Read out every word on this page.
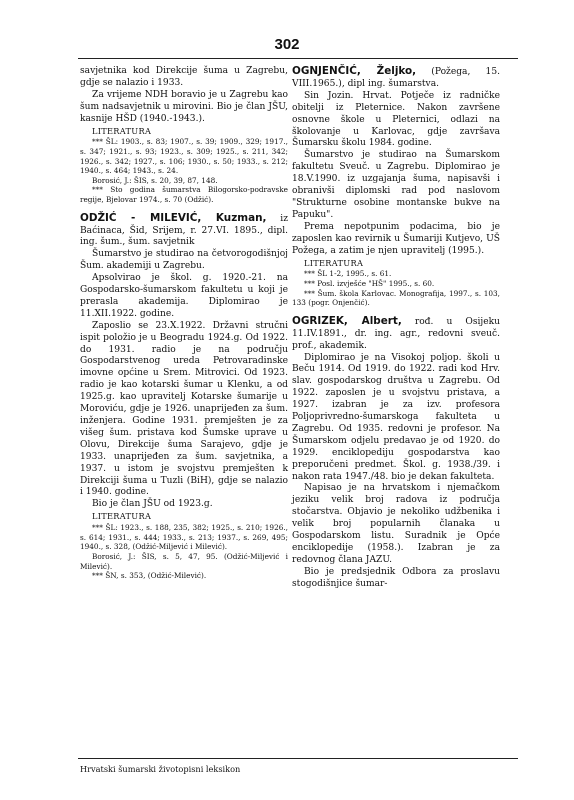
302

savjetnika kod Direkcije šuma u Zagrebu, gdje se nalazio i 1933.

Za vrijeme NDH boravio je u Zagrebu kao šum nadsavjetnik u mirovini. Bio je član JŠU, kasnije HŠD (1940.-1943.).

LITERATURA

*** ŠL: 1903., s. 83; 1907., s. 39; 1909., 329; 1917., s. 347; 1921., s. 93; 1923., s. 309; 1925., s. 211, 342; 1926., s. 342; 1927., s. 106; 1930., s. 50; 1933., s. 212; 1940., s. 464; 1943., s. 24.

Borosić, J.: ŠIS, s. 20, 39, 87, 148.

*** Sto godina šumarstva Bilogorsko-podravske regije, Bjelovar 1974., s. 70 (Odžić).

ODŽIĆ - MILEVIĆ, Kuzman, iz Baćinaca, Šid, Srijem, r. 27.VI. 1895., dipl. ing. šum., šum. savjetnik

Šumarstvo je studirao na četvorogodišnjoj Šum. akademiji u Zagrebu.

Apsolvirao je škol. g. 1920.-21. na Gospodarsko-šumarskom fakultetu u koji je prerasla akademija. Diplomirao je 11.XII.1922. godine.

Zaposlio se 23.X.1922. Državni stručni ispit položio je u Beogradu 1924.g. Od 1922. do 1931. radio je na području Gospodarstvenog ureda Petrovaradinske imovne općine u Srem. Mitrovici. Od 1923. radio je kao kotarski šumar u Klenku, a od 1925.g. kao upravitelj Kotarske šumarije u Moroviću, gdje je 1926. unaprijeđen za šum. inženjera. Godine 1931. premješten je za višeg šum. pristava kod Šumske uprave u Olovu, Direkcije šuma Sarajevo, gdje je 1933. unaprijeđen za šum. savjetnika, a 1937. u istom je svojstvu premješten k Direkciji šuma u Tuzli (BiH), gdje se nalazio i 1940. godine.

Bio je član JŠU od 1923.g.

LITERATURA

*** ŠL: 1923., s. 188, 235, 382; 1925., s. 210; 1926., s. 614; 1931., s. 444; 1933., s. 213; 1937., s. 269, 495; 1940., s. 328, (Odžić-Miljević i Milević).

Borosić, J.: ŠIS, s. 5, 47, 95. (Odžić-Miljević i Milević).

*** ŠN, s. 353, (Odžić-Milević).

OGNJENČIĆ, Željko, (Požega, 15. VIII.1965.), dipl ing. šumarstva.

Sin Jozin. Hrvat. Potječe iz radničke obitelji iz Pleternice. Nakon završene osnovne škole u Pleternici, odlazi na školovanje u Karlovac, gdje završava Šumarsku školu 1984. godine.

Šumarstvo je studirao na Šumarskom fakultetu Sveuč. u Zagrebu. Diplomirao je 18.V.1990. iz uzgajanja šuma, napisavši i obranivši diplomski rad pod naslovom "Strukturne osobine montanske bukve na Papuku".

Prema nepotpunim podacima, bio je zaposlen kao revirnik u Šumariji Kutjevo, UŠ Požega, a zatim je njen upravitelj (1995.).

LITERATURA

*** ŠL 1-2, 1995., s. 61.

*** Posl. izvješće "HŠ" 1995., s. 60.

*** Šum. škola Karlovac. Monografija, 1997., s. 103, 133 (pogr. Onjenčić).

OGRIZEK, Albert, rođ. u Osijeku 11.IV.1891., dr. ing. agr., redovni sveuč. prof., akademik.

Diplomirao je na Visokoj poljop. školi u Beču 1914. Od 1919. do 1922. radi kod Hrv. slav. gospodarskog društva u Zagrebu. Od 1922. zaposlen je u svojstvu pristava, a 1927. izabran je za izv. profesora Poljoprivredno-šumarskoga fakulteta u Zagrebu. Od 1935. redovni je profesor. Na Šumarskom odjelu predavao je od 1920. do 1929. enciklopediju gospodarstva kao preporučeni predmet. Škol. g. 1938./39. i nakon rata 1947./48. bio je dekan fakulteta.

Napisao je na hrvatskom i njemačkom jeziku velik broj radova iz područja stočarstva. Objavio je nekoliko udžbenika i velik broj popularnih članaka u Gospodarskom listu. Suradnik je Opće enciklopedije (1958.). Izabran je za redovnog člana JAZU.

Bio je predsjednik Odbora za proslavu stogodišnjice šumar-

Hrvatski šumarski životopisni leksikon
